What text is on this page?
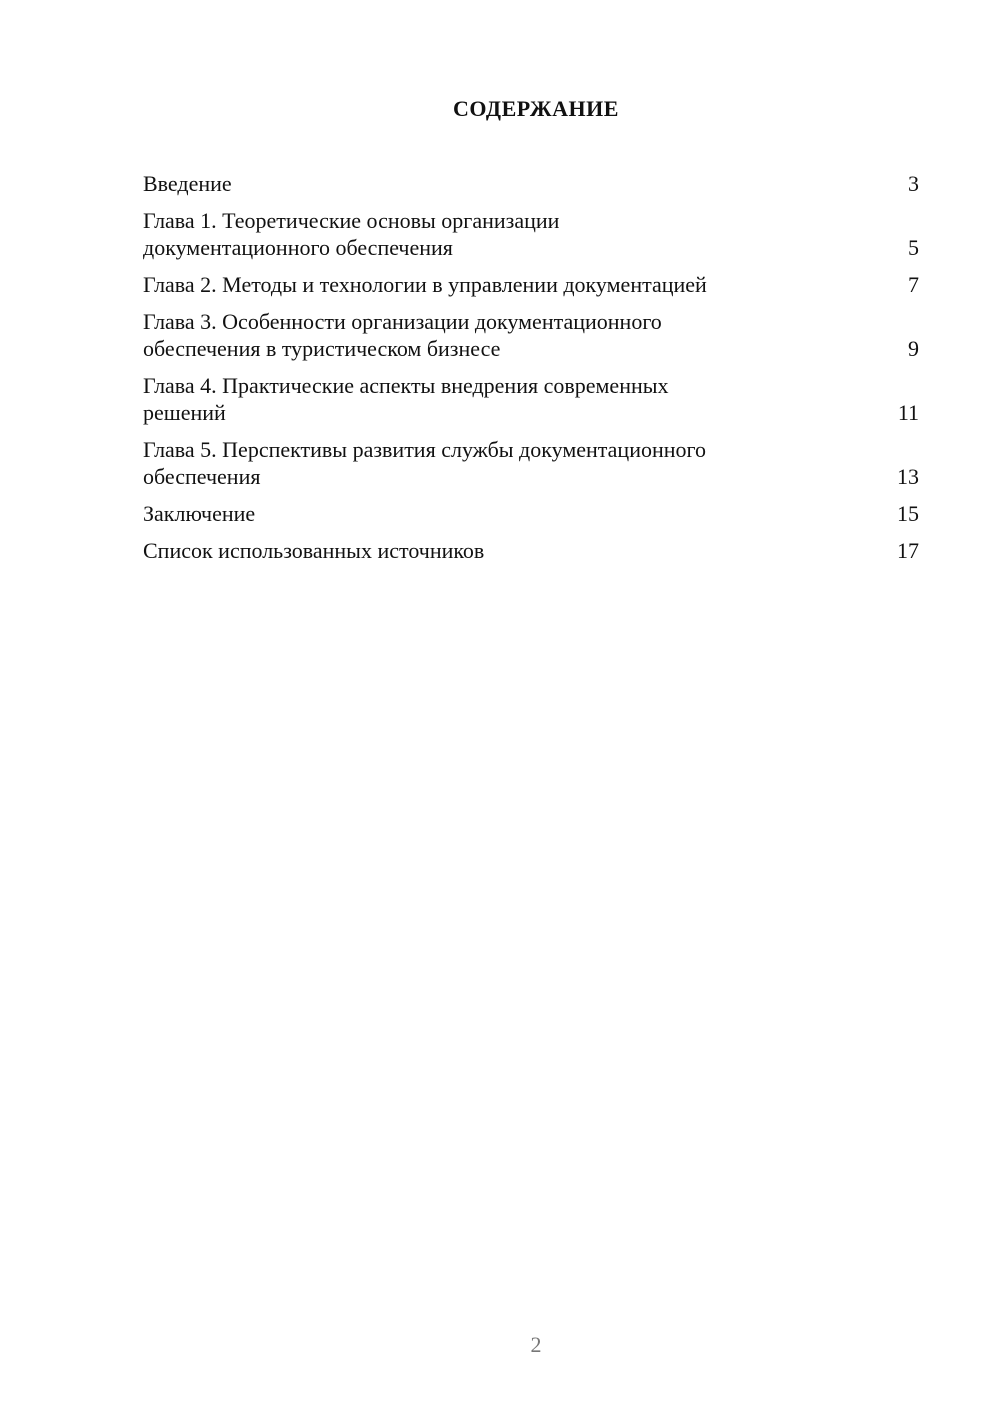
СОДЕРЖАНИЕ
Введение	3
Глава 1. Теоретические основы организации
документационного обеспечения	5
Глава 2. Методы и технологии в управлении документацией	7
Глава 3. Особенности организации документационного
обеспечения в туристическом бизнесе	9
Глава 4. Практические аспекты внедрения современных
решений	11
Глава 5. Перспективы развития службы документационного
обеспечения	13
Заключение	15
Список использованных источников	17
2
